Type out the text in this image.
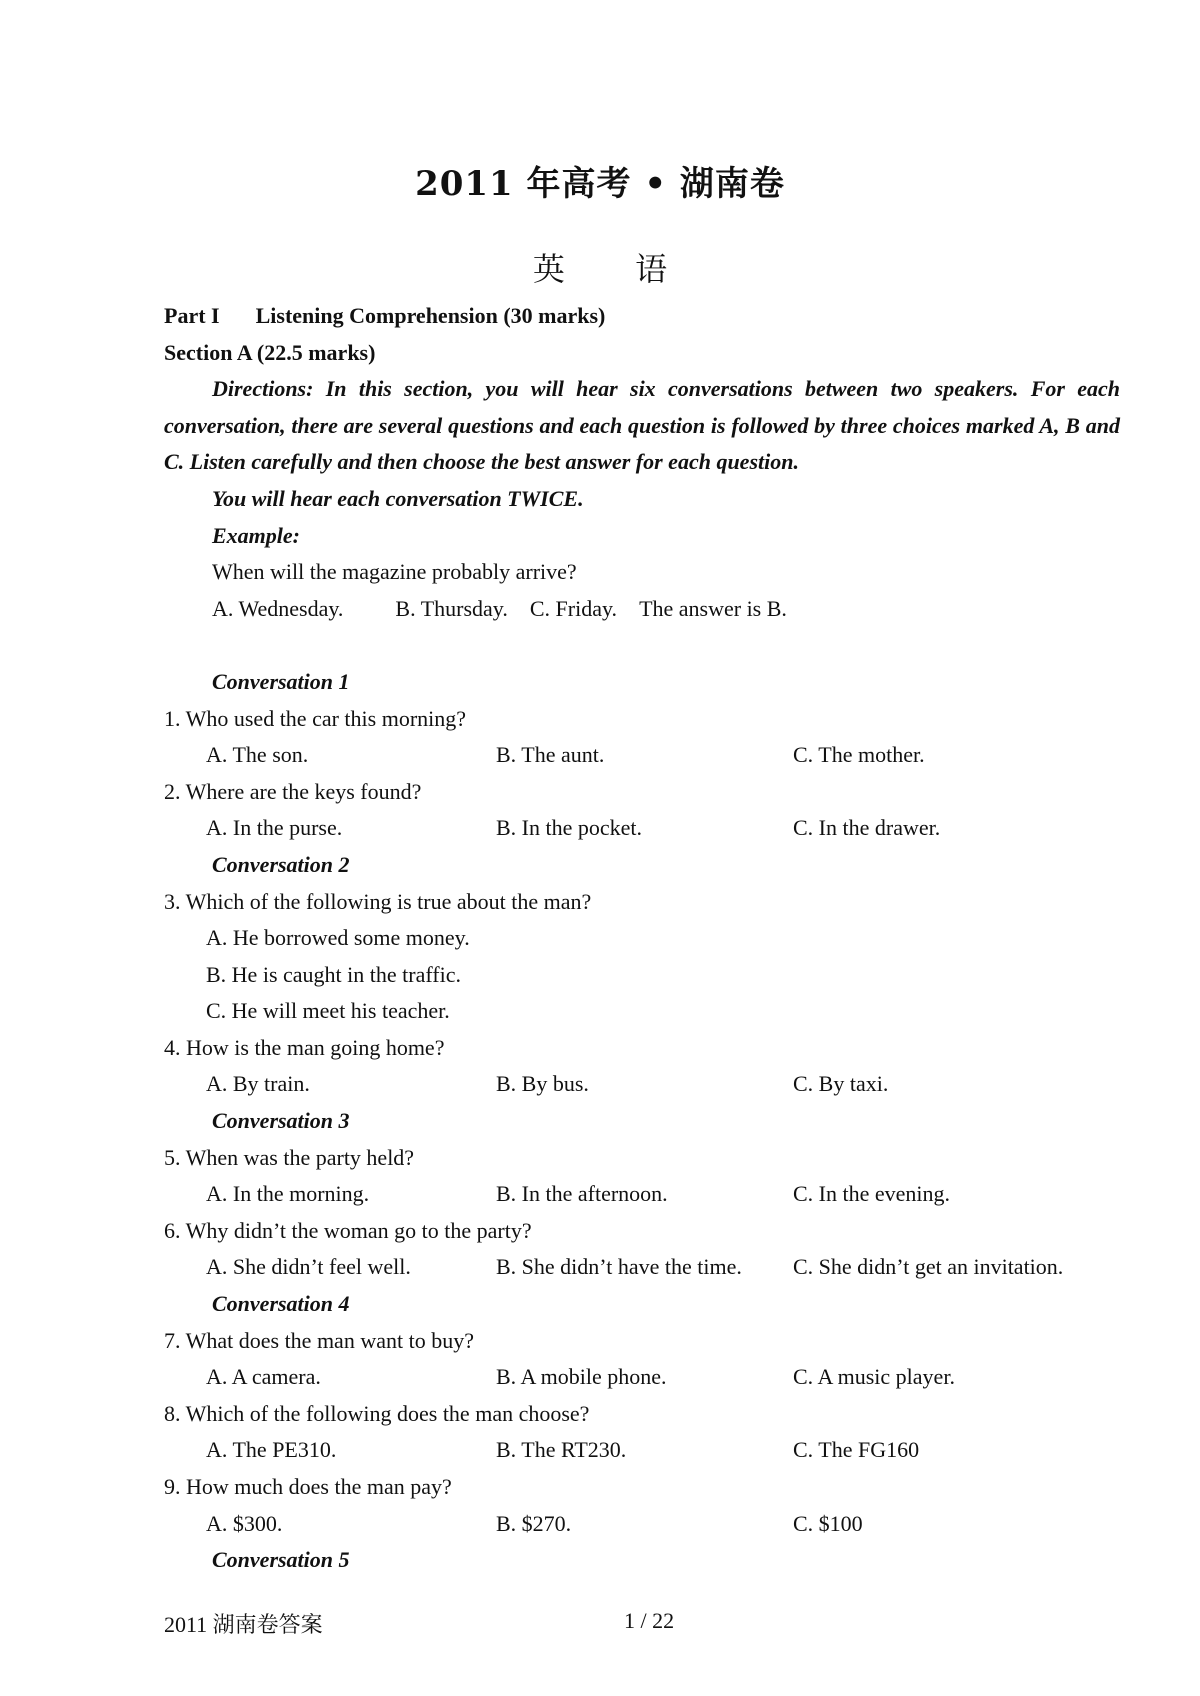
2011 年高考 • 湖南卷
英 语
Part I Listening Comprehension (30 marks)
Section A (22.5 marks)
Directions: In this section, you will hear six conversations between two speakers. For each conversation, there are several questions and each question is followed by three choices marked A, B and C. Listen carefully and then choose the best answer for each question.
You will hear each conversation TWICE.
Example:
When will the magazine probably arrive?
A. Wednesday. B. Thursday. C. Friday. The answer is B.
Conversation 1
1. Who used the car this morning?
A. The son.	B. The aunt.	C. The mother.
2. Where are the keys found?
A. In the purse.	B. In the pocket.	C. In the drawer.
Conversation 2
3. Which of the following is true about the man?
A. He borrowed some money.
B. He is caught in the traffic.
C. He will meet his teacher.
4. How is the man going home?
A. By train.	B. By bus.	C. By taxi.
Conversation 3
5. When was the party held?
A. In the morning.	B. In the afternoon.	C. In the evening.
6. Why didn’t the woman go to the party?
A. She didn’t feel well.	B. She didn’t have the time.	C. She didn’t get an invitation.
Conversation 4
7. What does the man want to buy?
A. A camera.	B. A mobile phone.	C. A music player.
8. Which of the following does the man choose?
A. The PE310.	B. The RT230.	C. The FG160
9. How much does the man pay?
A. $300.	B. $270.	C. $100
Conversation 5
2011 湖南卷答案	1 / 22
